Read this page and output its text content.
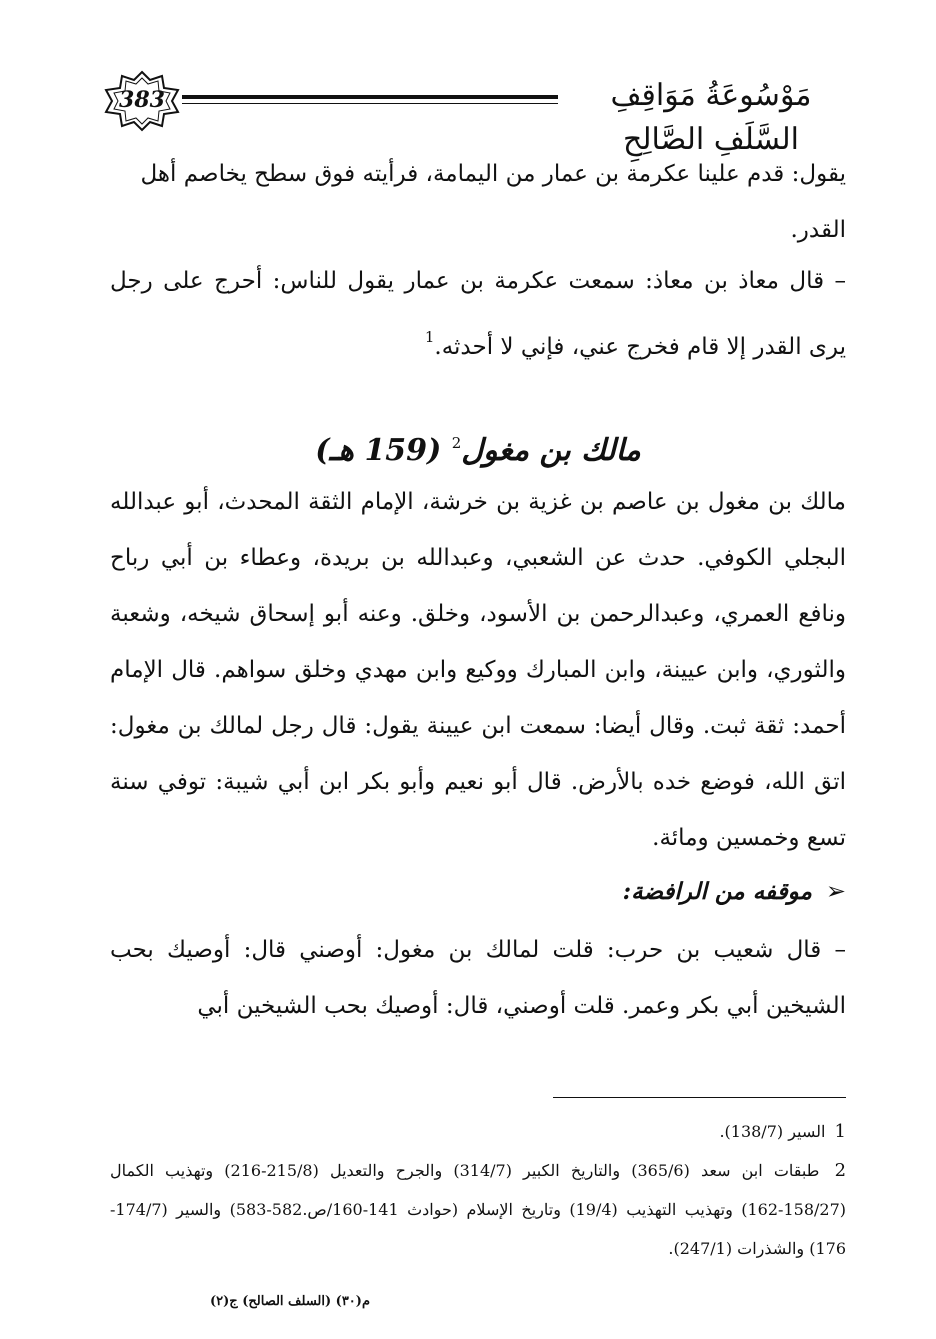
383	مَوْسُوعَةُ مَوَاقِفِ السَّلَفِ الصَّالِحِ

يقول: قدم علينا عكرمة بن عمار من اليمامة، فرأيته فوق سطح يخاصم أهل

القدر.

– قال معاذ بن معاذ: سمعت عكرمة بن عمار يقول للناس: أحرج على رجل يرى القدر إلا قام فخرج عني، فإني لا أحدثه.$^1$

مالك بن مغول$^2$ (159 هـ)

مالك بن مغول بن عاصم بن غزية بن خرشة، الإمام الثقة المحدث، أبو عبدالله البجلي الكوفي. حدث عن الشعبي، وعبدالله بن بريدة، وعطاء بن أبي رباح ونافع العمري، وعبدالرحمن بن الأسود، وخلق. وعنه أبو إسحاق شيخه، وشعبة والثوري، وابن عيينة، وابن المبارك ووكيع وابن مهدي وخلق سواهم. قال الإمام أحمد: ثقة ثبت. وقال أيضا: سمعت ابن عيينة يقول: قال رجل لمالك بن مغول: اتق الله، فوضع خده بالأرض. قال أبو نعيم وأبو بكر ابن أبي شيبة: توفي سنة تسع وخمسين ومائة.

➢موقفه من الرافضة:

– قال شعيب بن حرب: قلت لمالك بن مغول: أوصني قال: أوصيك بحب الشيخين أبي بكر وعمر. قلت أوصني، قال: أوصيك بحب الشيخين أبي

1 السير (138/7).

2 طبقات ابن سعد (365/6) والتاريخ الكبير (314/7) والجرح والتعديل (215/8-216) وتهذيب الكمال (158/27-162) وتهذيب التهذيب (19/4) وتاريخ الإسلام (حوادث 141-160/ص.582-583) والسير (174/7-176) والشذرات (247/1).

م(٣٠) (السلف الصالح) ج(٢)
